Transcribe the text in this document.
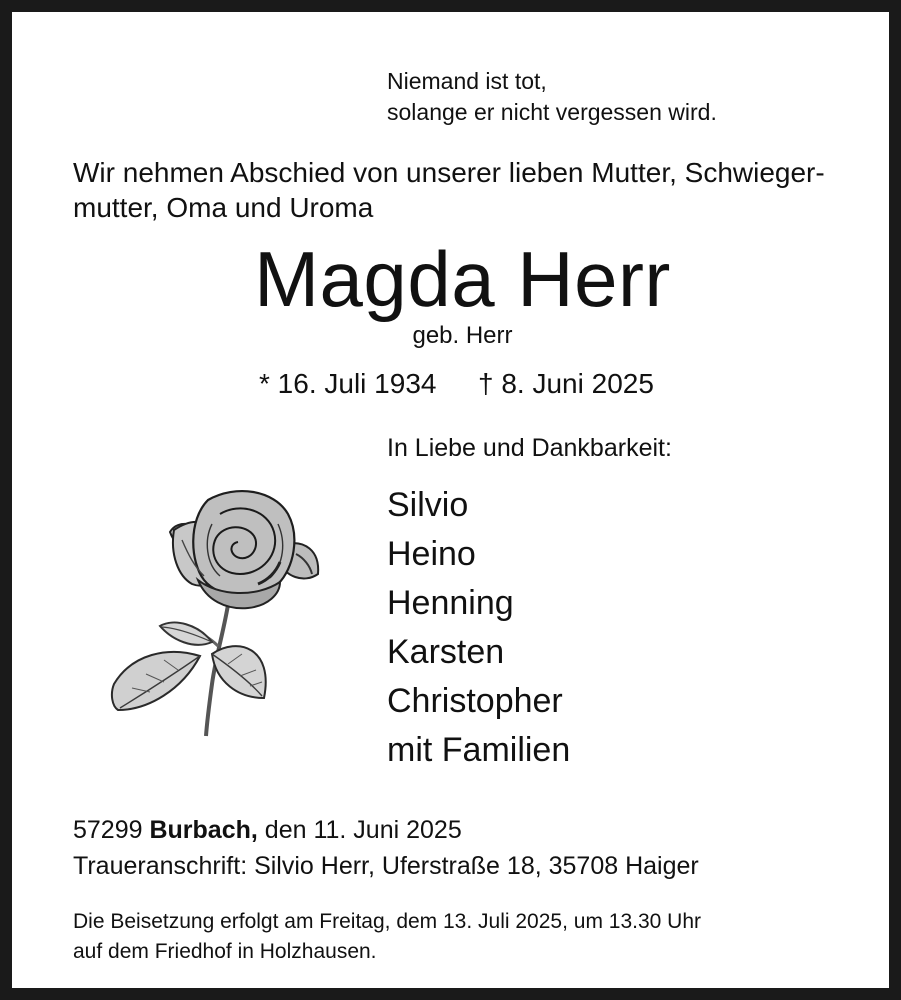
Niemand ist tot,

solange er nicht vergessen wird.

Wir nehmen Abschied von unserer lieben Mutter, Schwieger-

mutter, Oma und Uroma

Magda Herr

geb. Herr

* 16. Juli 1934 † 8. Juni 2025

In Liebe und Dankbarkeit:

Silvio

Heino

Henning

Karsten

Christopher

mit Familien

57299 Burbach, den 11. Juni 2025

Traueranschrift: Silvio Herr, Uferstraße 18, 35708 Haiger

Die Beisetzung erfolgt am Freitag, dem 13. Juli 2025, um 13.30 Uhr

auf dem Friedhof in Holzhausen.
